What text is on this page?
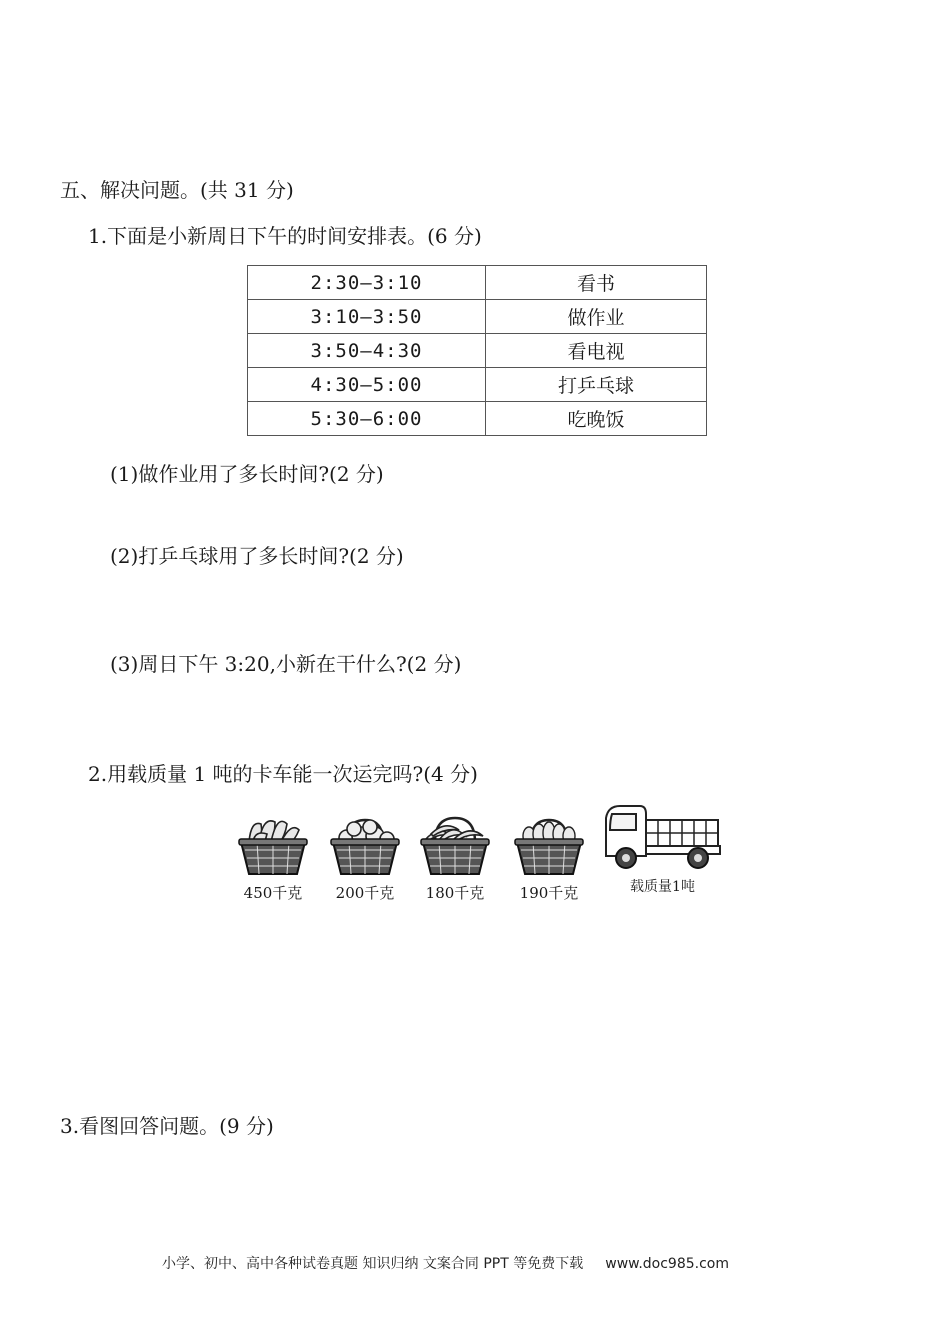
五、解决问题。(共 31 分)
1.下面是小新周日下午的时间安排表。(6 分)
2:30—3:10	看书
3:10—3:50	做作业
3:50—4:30	看电视
4:30—5:00	打乒乓球
5:30—6:00	吃晚饭
(1)做作业用了多长时间?(2 分)
(2)打乒乓球用了多长时间?(2 分)
(3)周日下午 3:20,小新在干什么?(2 分)
2.用载质量 1 吨的卡车能一次运完吗?(4 分)
450千克	200千克	180千克	190千克	载质量1吨
3.看图回答问题。(9 分)
小学、初中、高中各种试卷真题 知识归纳 文案合同 PPT 等免费下载 www.doc985.com
